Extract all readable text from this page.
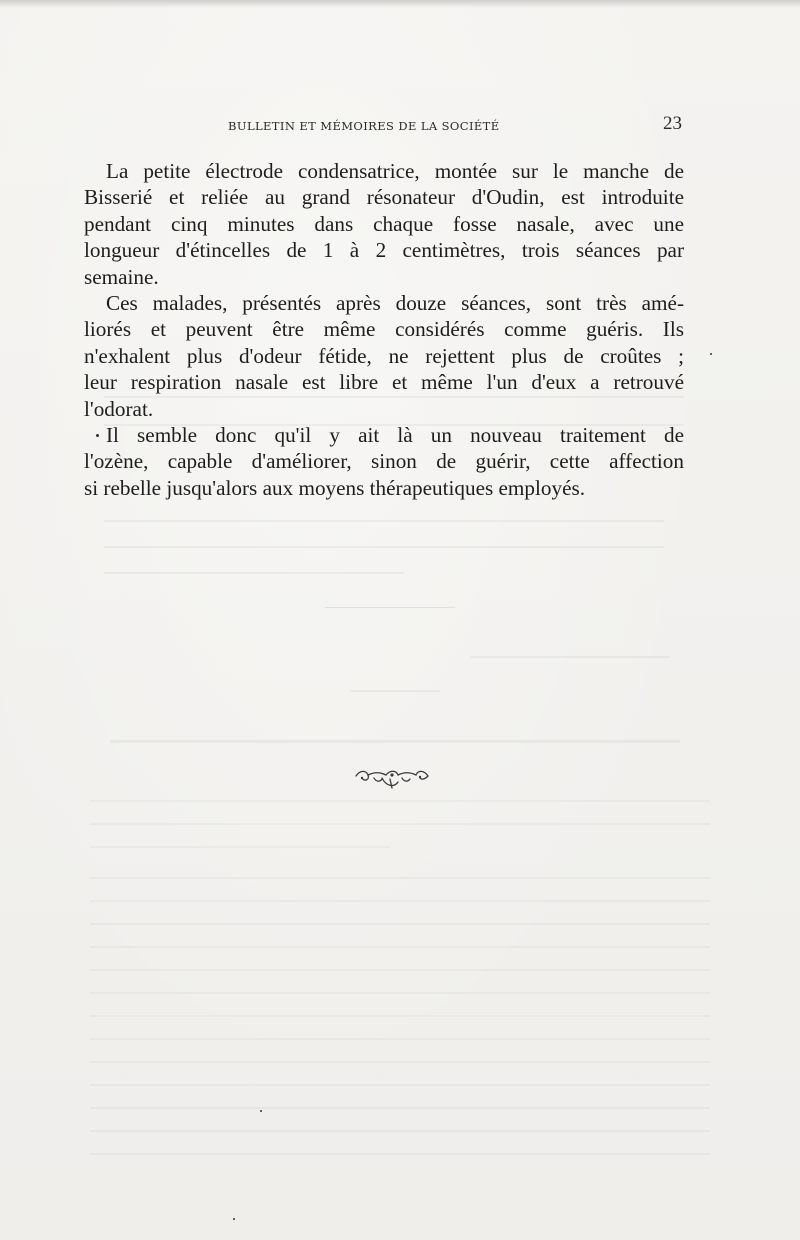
BULLETIN ET MÉMOIRES DE LA SOCIÉTÉ	23

La petite électrode condensatrice, montée sur le manche de
Bisserié et reliée au grand résonateur d'Oudin, est introduite
pendant cinq minutes dans chaque fosse nasale, avec une
longueur d'étincelles de 1 à 2 centimètres, trois séances par
semaine.

Ces malades, présentés après douze séances, sont très amé-
liorés et peuvent être même considérés comme guéris. Ils
n'exhalent plus d'odeur fétide, ne rejettent plus de croûtes ;
leur respiration nasale est libre et même l'un d'eux a retrouvé
l'odorat.

Il semble donc qu'il y ait là un nouveau traitement de
l'ozène, capable d'améliorer, sinon de guérir, cette affection
si rebelle jusqu'alors aux moyens thérapeutiques employés.
